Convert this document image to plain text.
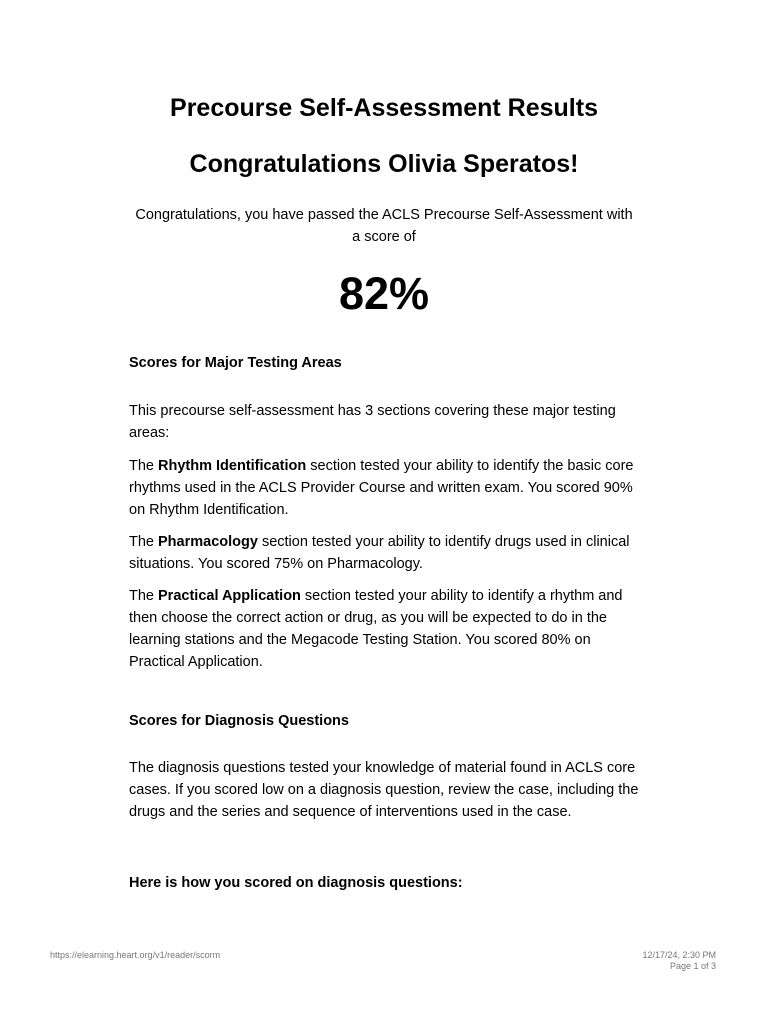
Precourse Self-Assessment Results
Congratulations Olivia Speratos!

Congratulations, you have passed the ACLS Precourse Self-Assessment with a score of

82%
Scores for Major Testing Areas
This precourse self-assessment has 3 sections covering these major testing areas:
The Rhythm Identification section tested your ability to identify the basic core rhythms used in the ACLS Provider Course and written exam. You scored 90% on Rhythm Identification.
The Pharmacology section tested your ability to identify drugs used in clinical situations. You scored 75% on Pharmacology.
The Practical Application section tested your ability to identify a rhythm and then choose the correct action or drug, as you will be expected to do in the learning stations and the Megacode Testing Station. You scored 80% on Practical Application.
Scores for Diagnosis Questions
The diagnosis questions tested your knowledge of material found in ACLS core cases. If you scored low on a diagnosis question, review the case, including the drugs and the series and sequence of interventions used in the case.
Here is how you scored on diagnosis questions:
https://elearning.heart.org/v1/reader/scorm	12/17/24, 2:30 PM
Page 1 of 3
